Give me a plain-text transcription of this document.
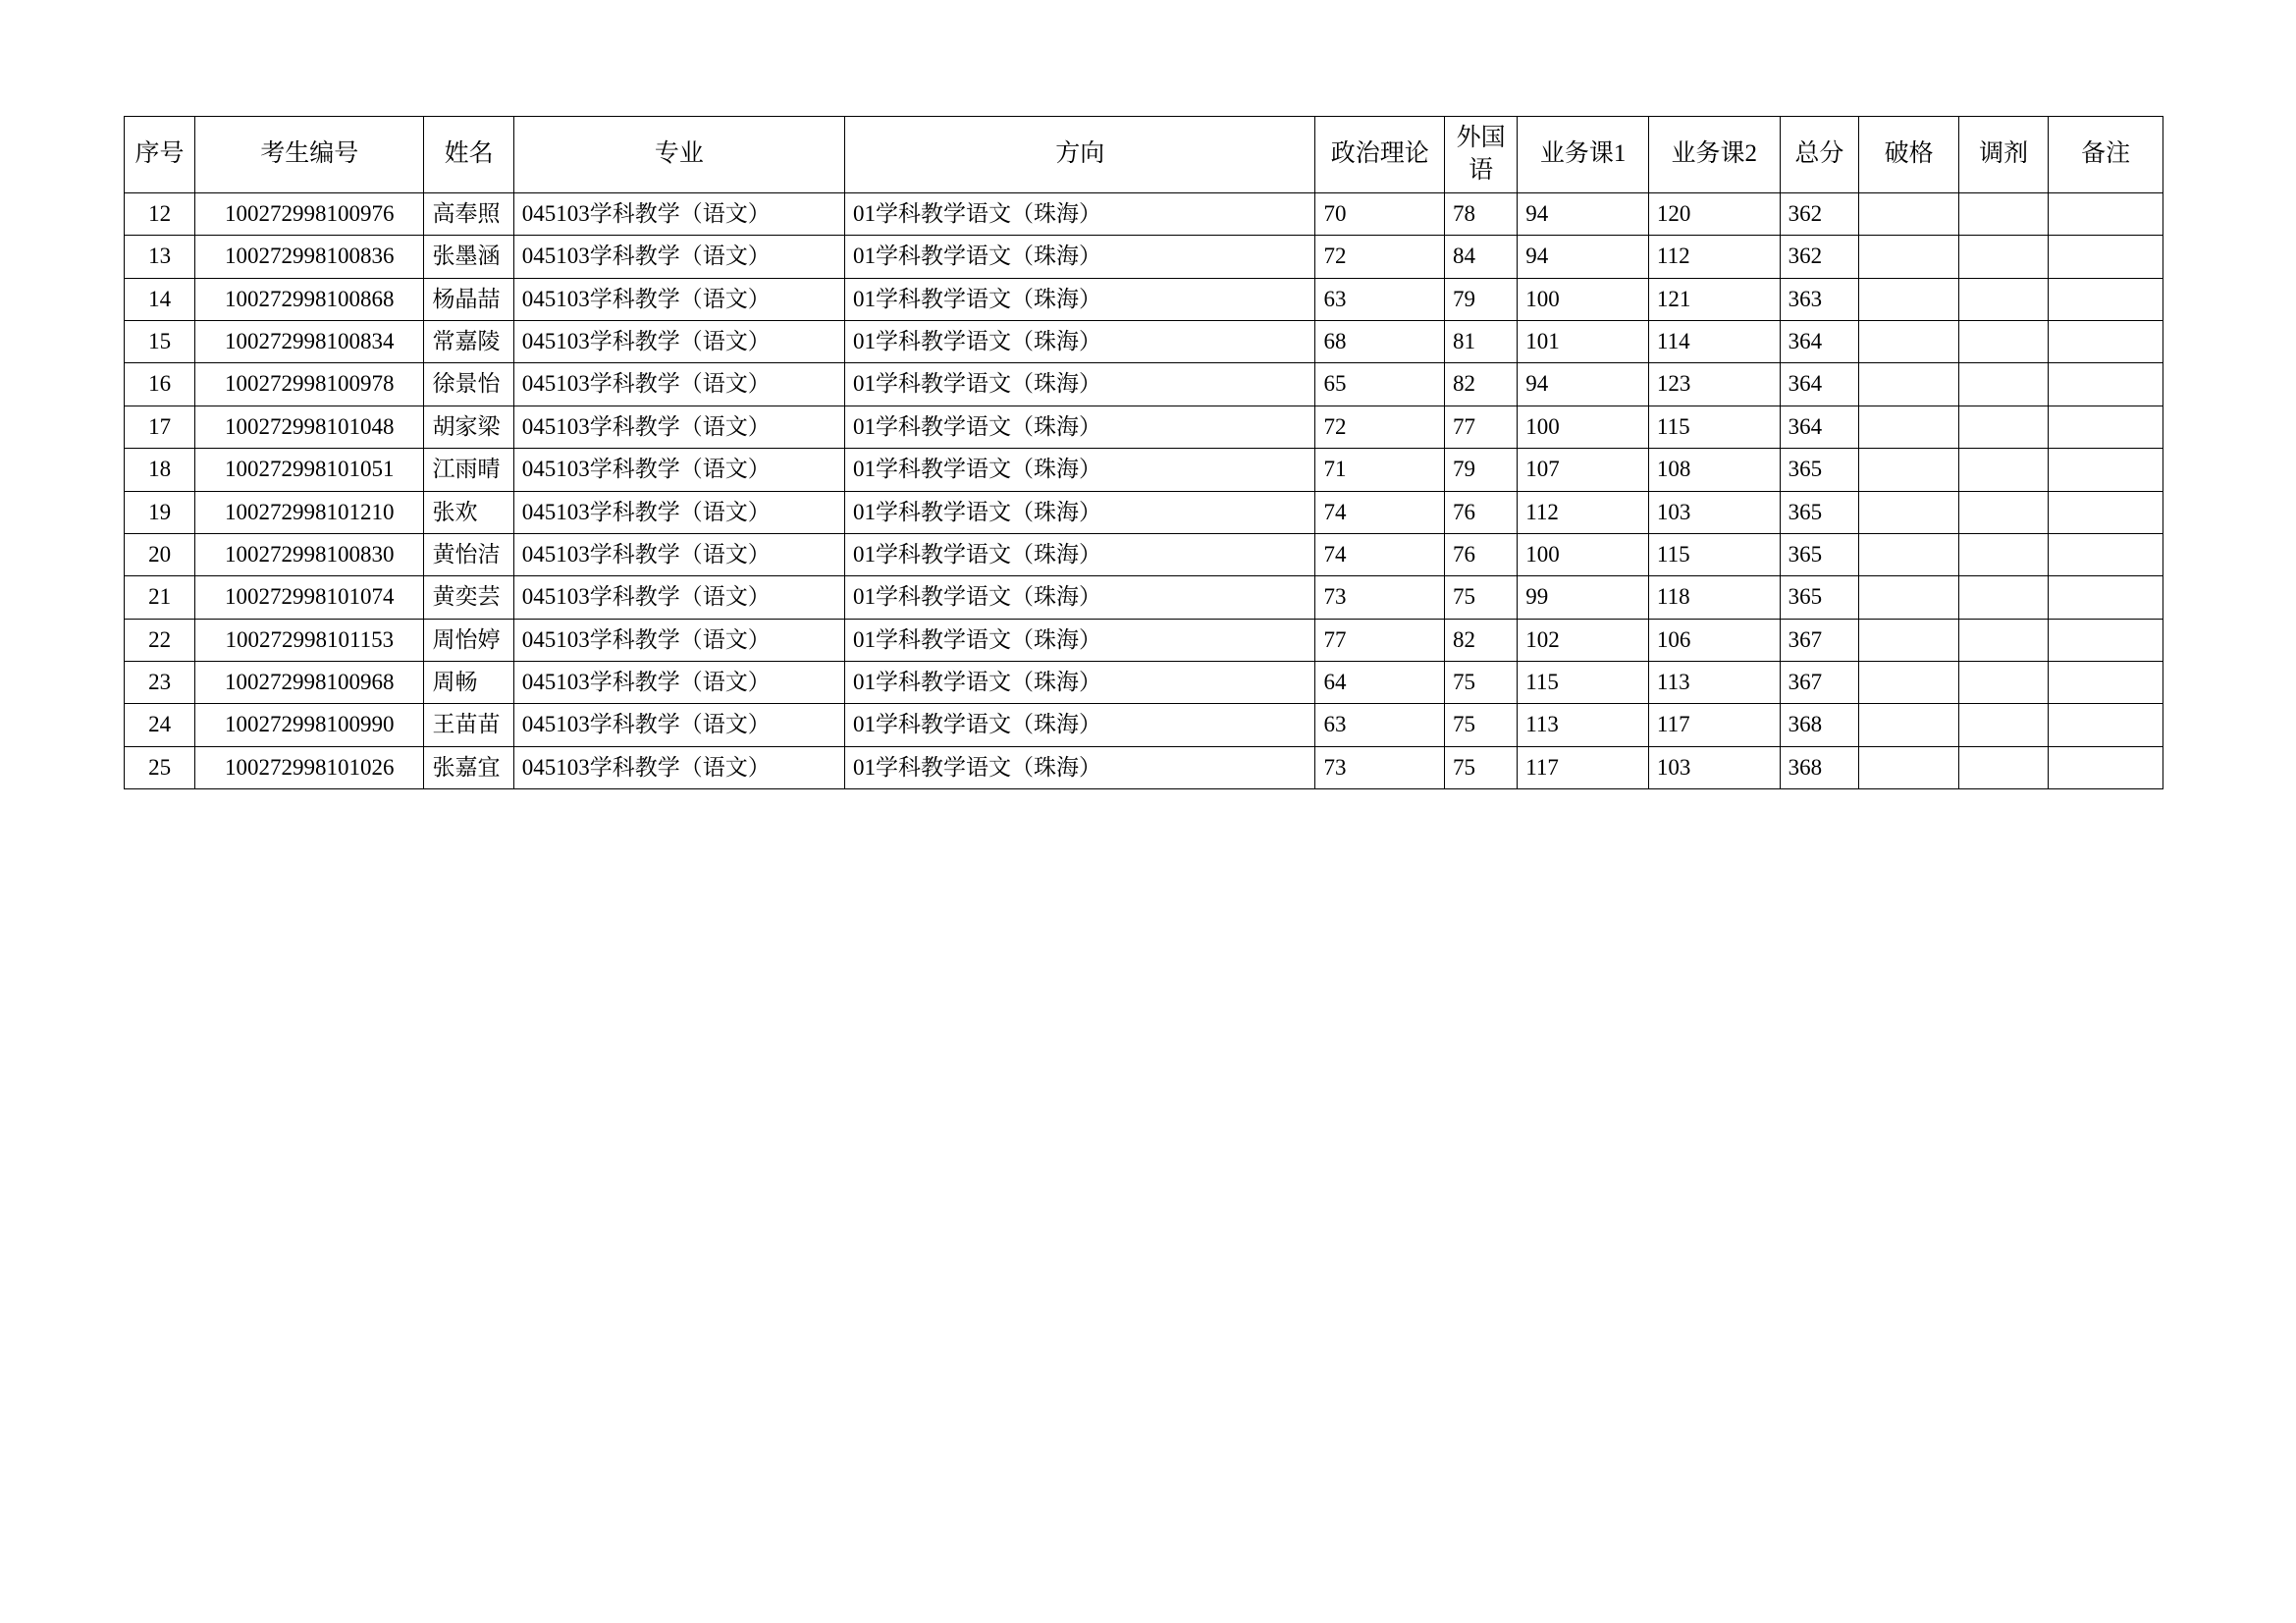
序号	考生编号	姓名	专业	方向	政治理论	外国语	业务课1	业务课2	总分	破格	调剂	备注
12	100272998100976	高奉照	045103学科教学（语文）	01学科教学语文（珠海）	70	78	94	120	362			
13	100272998100836	张墨涵	045103学科教学（语文）	01学科教学语文（珠海）	72	84	94	112	362			
14	100272998100868	杨晶喆	045103学科教学（语文）	01学科教学语文（珠海）	63	79	100	121	363			
15	100272998100834	常嘉陵	045103学科教学（语文）	01学科教学语文（珠海）	68	81	101	114	364			
16	100272998100978	徐景怡	045103学科教学（语文）	01学科教学语文（珠海）	65	82	94	123	364			
17	100272998101048	胡家梁	045103学科教学（语文）	01学科教学语文（珠海）	72	77	100	115	364			
18	100272998101051	江雨晴	045103学科教学（语文）	01学科教学语文（珠海）	71	79	107	108	365			
19	100272998101210	张欢	045103学科教学（语文）	01学科教学语文（珠海）	74	76	112	103	365			
20	100272998100830	黄怡洁	045103学科教学（语文）	01学科教学语文（珠海）	74	76	100	115	365			
21	100272998101074	黄奕芸	045103学科教学（语文）	01学科教学语文（珠海）	73	75	99	118	365			
22	100272998101153	周怡婷	045103学科教学（语文）	01学科教学语文（珠海）	77	82	102	106	367			
23	100272998100968	周畅	045103学科教学（语文）	01学科教学语文（珠海）	64	75	115	113	367			
24	100272998100990	王苗苗	045103学科教学（语文）	01学科教学语文（珠海）	63	75	113	117	368			
25	100272998101026	张嘉宜	045103学科教学（语文）	01学科教学语文（珠海）	73	75	117	103	368			
